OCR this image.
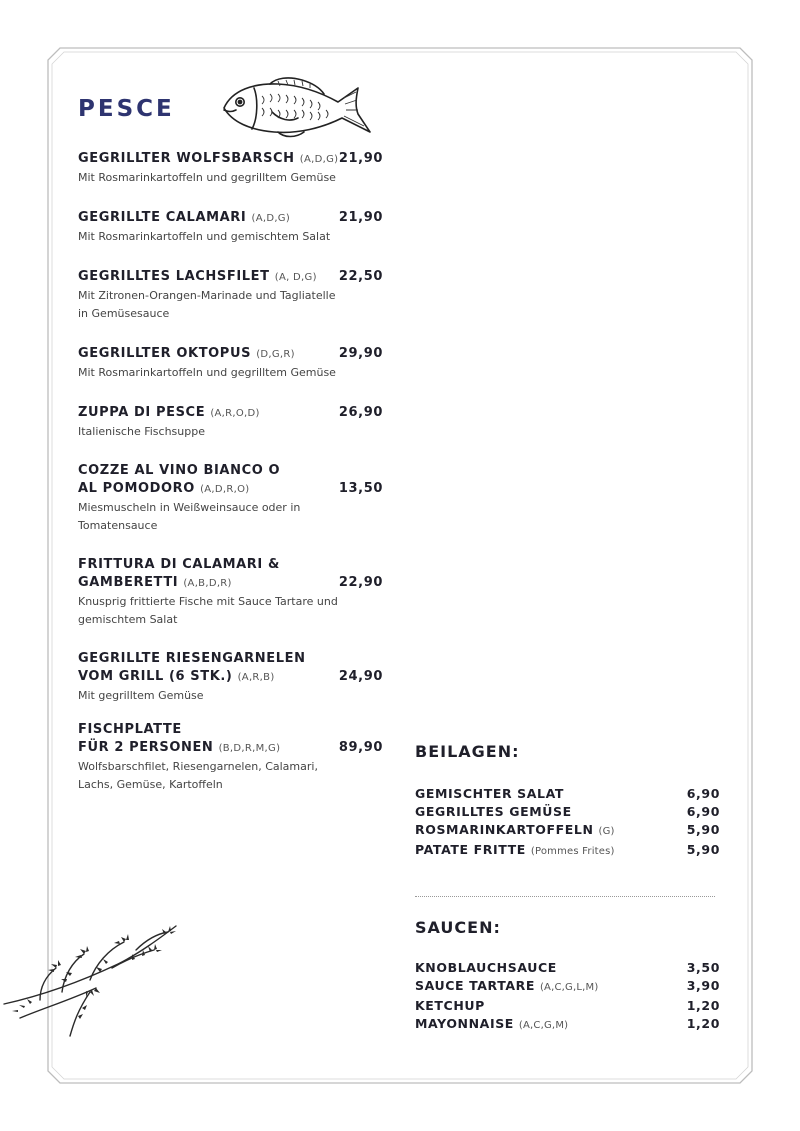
PESCE
GEGRILLTER WOLFSBARSCH (A,D,G) 21,90
Mit Rosmarinkartoffeln und gegrilltem Gemüse
GEGRILLTE CALAMARI (A,D,G)	21,90
Mit Rosmarinkartoffeln und gemischtem Salat
GEGRILLTES LACHSFILET (A, D,G) 22,50
Mit Zitronen-Orangen-Marinade und Tagliatelle
in Gemüsesauce
GEGRILLTER OKTOPUS (D,G,R)	29,90
Mit Rosmarinkartoffeln und gegrilltem Gemüse
ZUPPA DI PESCE (A,R,O,D)	26,90
Italienische Fischsuppe
COZZE AL VINO BIANCO O
AL POMODORO (A,D,R,O)	13,50
Miesmuscheln in Weißweinsauce oder in
Tomatensauce
FRITTURA DI CALAMARI &
GAMBERETTI (A,B,D,R)	22,90
Knusprig frittierte Fische mit Sauce Tartare und
gemischtem Salat
GEGRILLTE RIESENGARNELEN
VOM GRILL (6 STK.) (A,R,B)	24,90
Mit gegrilltem Gemüse
FISCHPLATTE
FÜR 2 PERSONEN (B,D,R,M,G)	89,90
Wolfsbarschfilet, Riesengarnelen, Calamari,
Lachs, Gemüse, Kartoffeln
BEILAGEN:
GEMISCHTER SALAT	6,90
GEGRILLTES GEMÜSE	6,90
ROSMARINKARTOFFELN (G)	5,90
PATATE FRITTE (Pommes Frites)	5,90
SAUCEN:
KNOBLAUCHSAUCE	3,50
SAUCE TARTARE (A,C,G,L,M)	3,90
KETCHUP	1,20
MAYONNAISE (A,C,G,M)	1,20
